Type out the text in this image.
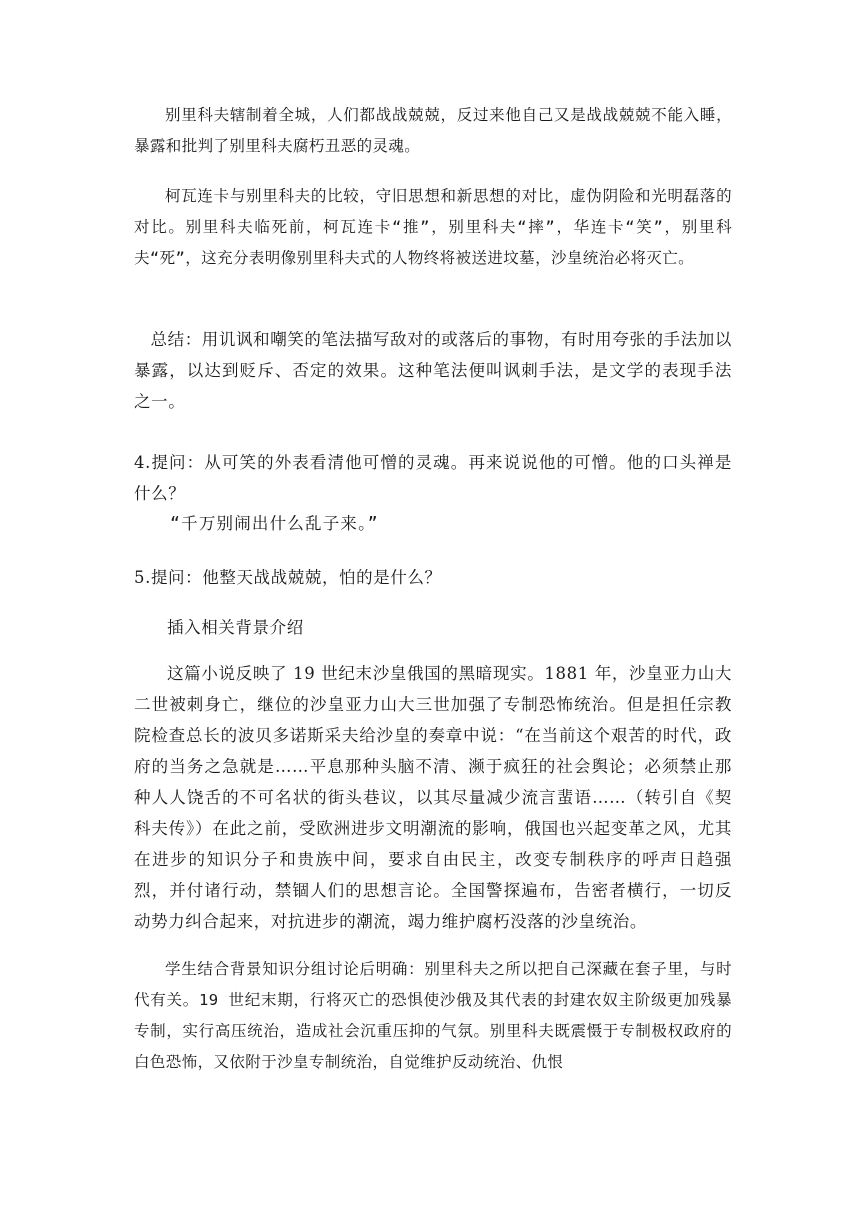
别里科夫辖制着全城，人们都战战兢兢，反过来他自己又是战战兢兢不能入睡，暴露和批判了别里科夫腐朽丑恶的灵魂。

柯瓦连卡与别里科夫的比较，守旧思想和新思想的对比，虚伪阴险和光明磊落的对比。别里科夫临死前，柯瓦连卡“推”，别里科夫“摔”，华连卡“笑”，别里科夫“死”，这充分表明像别里科夫式的人物终将被送进坟墓，沙皇统治必将灭亡。

总结：用讥讽和嘲笑的笔法描写敌对的或落后的事物，有时用夸张的手法加以暴露，以达到贬斥、否定的效果。这种笔法便叫讽刺手法，是文学的表现手法之一。

4.提问：从可笑的外表看清他可憎的灵魂。再来说说他的可憎。他的口头禅是什么？

“千万别闹出什么乱子来。”

5.提问：他整天战战兢兢，怕的是什么？

插入相关背景介绍

这篇小说反映了 19 世纪末沙皇俄国的黑暗现实。1881 年，沙皇亚力山大二世被刺身亡，继位的沙皇亚力山大三世加强了专制恐怖统治。但是担任宗教院检查总长的波贝多诺斯采夫给沙皇的奏章中说：“在当前这个艰苦的时代，政府的当务之急就是……平息那种头脑不清、濒于疯狂的社会舆论；必须禁止那种人人饶舌的不可名状的街头巷议，以其尽量减少流言蜚语……（转引自《契科夫传》）在此之前，受欧洲进步文明潮流的影响，俄国也兴起变革之风，尤其在进步的知识分子和贵族中间，要求自由民主，改变专制秩序的呼声日趋强烈，并付诸行动，禁锢人们的思想言论。全国警探遍布，告密者横行，一切反动势力纠合起来，对抗进步的潮流，竭力维护腐朽没落的沙皇统治。

学生结合背景知识分组讨论后明确：别里科夫之所以把自己深藏在套子里，与时代有关。19 世纪末期，行将灭亡的恐惧使沙俄及其代表的封建农奴主阶级更加残暴专制，实行高压统治，造成社会沉重压抑的气氛。别里科夫既震慑于专制极权政府的白色恐怖，又依附于沙皇专制统治，自觉维护反动统治、仇恨
